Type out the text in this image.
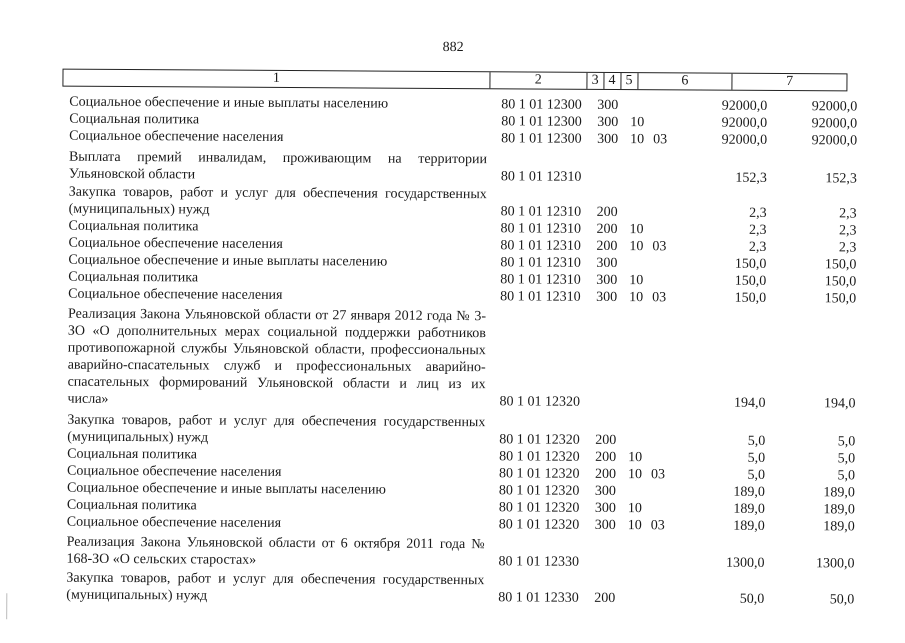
882
1	2	3 4 5	6	7
Социальное обеспечение и иные выплаты населению	80 1 01 12300 300	92000,0	92000,0
Социальная политика	80 1 01 12300 300 10	92000,0	92000,0
Социальное обеспечение населения	80 1 01 12300 300 10 03	92000,0	92000,0
Выплата премий инвалидам, проживающим на территории Ульяновской области	80 1 01 12310	152,3	152,3
Закупка товаров, работ и услуг для обеспечения государственных (муниципальных) нужд	80 1 01 12310 200	2,3	2,3
Социальная политика	80 1 01 12310 200 10	2,3	2,3
Социальное обеспечение населения	80 1 01 12310 200 10 03	2,3	2,3
Социальное обеспечение и иные выплаты населению	80 1 01 12310 300	150,0	150,0
Социальная политика	80 1 01 12310 300 10	150,0	150,0
Социальное обеспечение населения	80 1 01 12310 300 10 03	150,0	150,0
Реализация Закона Ульяновской области от 27 января 2012 года № 3-ЗО «О дополнительных мерах социальной поддержки работников противопожарной службы Ульяновской области, профессиональных аварийно-спасательных служб и профессиональных аварийно-спасательных формирований Ульяновской области и лиц из их числа»	80 1 01 12320	194,0	194,0
Закупка товаров, работ и услуг для обеспечения государственных (муниципальных) нужд	80 1 01 12320 200	5,0	5,0
Социальная политика	80 1 01 12320 200 10	5,0	5,0
Социальное обеспечение населения	80 1 01 12320 200 10 03	5,0	5,0
Социальное обеспечение и иные выплаты населению	80 1 01 12320 300	189,0	189,0
Социальная политика	80 1 01 12320 300 10	189,0	189,0
Социальное обеспечение населения	80 1 01 12320 300 10 03	189,0	189,0
Реализация Закона Ульяновской области от 6 октября 2011 года № 168-ЗО «О сельских старостах»	80 1 01 12330	1300,0	1300,0
Закупка товаров, работ и услуг для обеспечения государственных (муниципальных) нужд	80 1 01 12330 200	50,0	50,0
